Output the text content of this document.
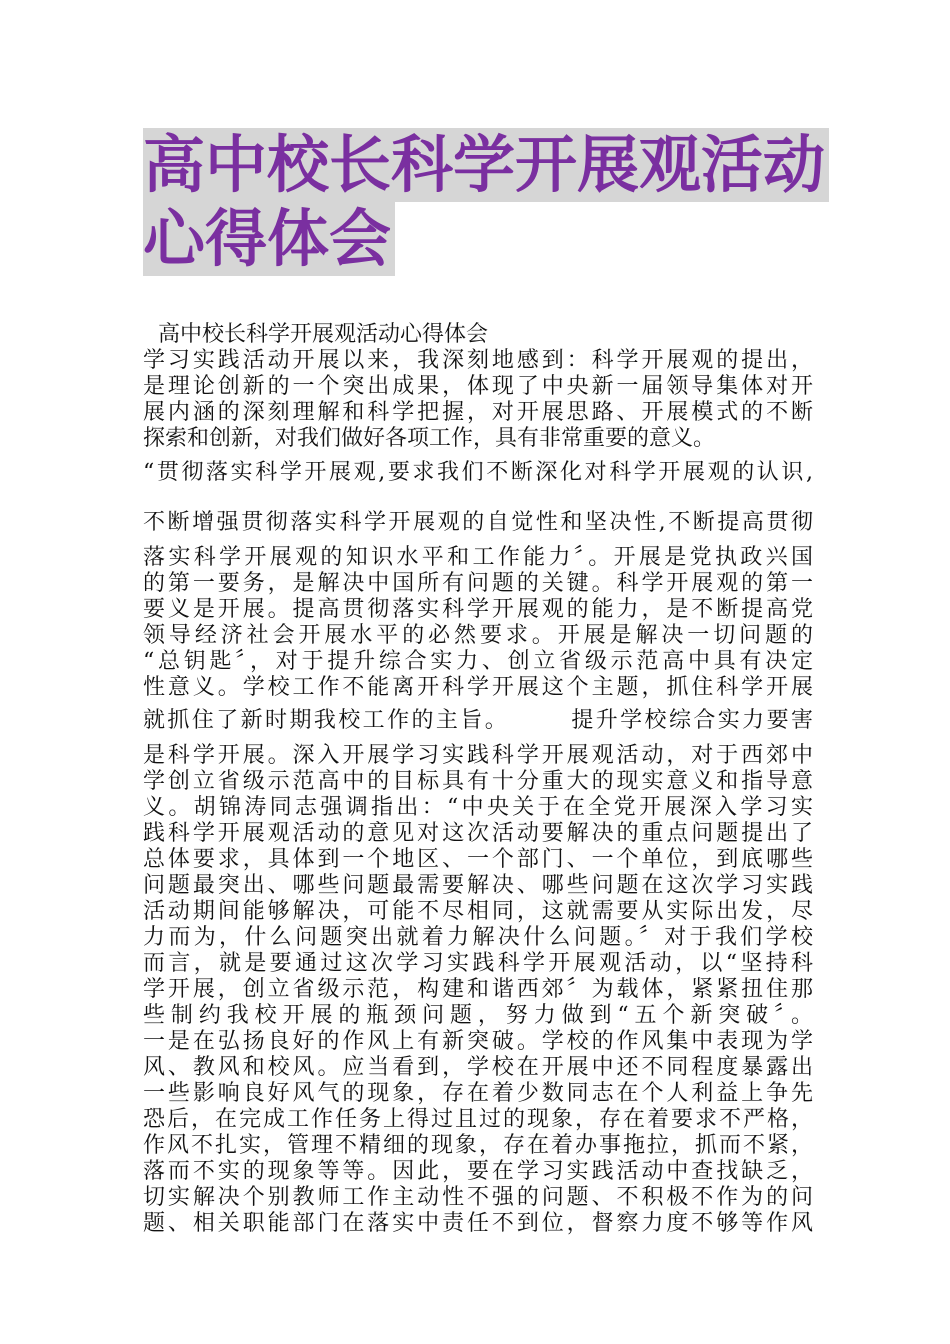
高中校长科学开展观活动
心得体会
高中校长科学开展观活动心得体会
学习实践活动开展以来，我深刻地感到：科学开展观的提出，
是理论创新的一个突出成果，体现了中央新一届领导集体对开
展内涵的深刻理解和科学把握，对开展思路、开展模式的不断
探索和创新，对我们做好各项工作，具有非常重要的意义。
“贯彻落实科学开展观,要求我们不断深化对科学开展观的认识,
不断增强贯彻落实科学开展观的自觉性和坚决性,不断提高贯彻
落实科学开展观的知识水平和工作能力〞。开展是党执政兴国
的第一要务，是解决中国所有问题的关键。科学开展观的第一
要义是开展。提高贯彻落实科学开展观的能力，是不断提高党
领导经济社会开展水平的必然要求。开展是解决一切问题的
“总钥匙〞，对于提升综合实力、创立省级示范高中具有决定
性意义。学校工作不能离开科学开展这个主题，抓住科学开展
就抓住了新时期我校工作的主旨。　　　提升学校综合实力要害
是科学开展。深入开展学习实践科学开展观活动，对于西郊中
学创立省级示范高中的目标具有十分重大的现实意义和指导意
义。胡锦涛同志强调指出：“中央关于在全党开展深入学习实
践科学开展观活动的意见对这次活动要解决的重点问题提出了
总体要求，具体到一个地区、一个部门、一个单位，到底哪些
问题最突出、哪些问题最需要解决、哪些问题在这次学习实践
活动期间能够解决，可能不尽相同，这就需要从实际出发，尽
力而为，什么问题突出就着力解决什么问题。〞对于我们学校
而言，就是要通过这次学习实践科学开展观活动，以“坚持科
学开展，创立省级示范，构建和谐西郊〞为载体，紧紧扭住那
些制约我校开展的瓶颈问题，努力做到“五个新突破〞。
一是在弘扬良好的作风上有新突破。学校的作风集中表现为学
风、教风和校风。应当看到，学校在开展中还不同程度暴露出
一些影响良好风气的现象，存在着少数同志在个人利益上争先
恐后，在完成工作任务上得过且过的现象，存在着要求不严格，
作风不扎实，管理不精细的现象，存在着办事拖拉，抓而不紧，
落而不实的现象等等。因此，要在学习实践活动中查找缺乏，
切实解决个别教师工作主动性不强的问题、不积极不作为的问
题、相关职能部门在落实中责任不到位，督察力度不够等作风
